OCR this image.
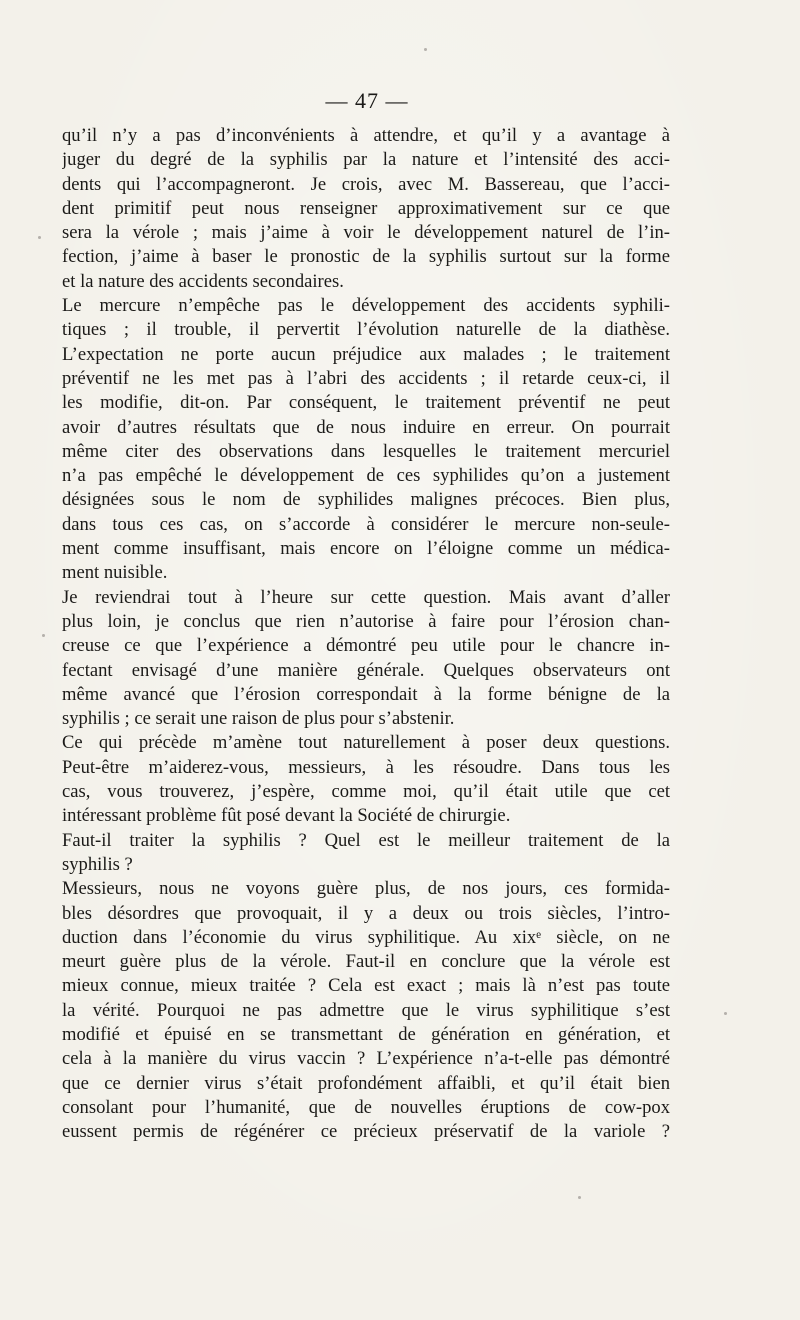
— 47 —
qu’il n’y a pas d’inconvénients à attendre, et qu’il y a avantage à
juger du degré de la syphilis par la nature et l’intensité des acci-
dents qui l’accompagneront. Je crois, avec M. Bassereau, que l’acci-
dent primitif peut nous renseigner approximativement sur ce que
sera la vérole ; mais j’aime à voir le développement naturel de l’in-
fection, j’aime à baser le pronostic de la syphilis surtout sur la forme
et la nature des accidents secondaires.
Le mercure n’empêche pas le développement des accidents syphili-
tiques ; il trouble, il pervertit l’évolution naturelle de la diathèse.
L’expectation ne porte aucun préjudice aux malades ; le traitement
préventif ne les met pas à l’abri des accidents ; il retarde ceux-ci, il
les modifie, dit-on. Par conséquent, le traitement préventif ne peut
avoir d’autres résultats que de nous induire en erreur. On pourrait
même citer des observations dans lesquelles le traitement mercuriel
n’a pas empêché le développement de ces syphilides qu’on a justement
désignées sous le nom de syphilides malignes précoces. Bien plus,
dans tous ces cas, on s’accorde à considérer le mercure non-seule-
ment comme insuffisant, mais encore on l’éloigne comme un médica-
ment nuisible.
Je reviendrai tout à l’heure sur cette question. Mais avant d’aller
plus loin, je conclus que rien n’autorise à faire pour l’érosion chan-
creuse ce que l’expérience a démontré peu utile pour le chancre in-
fectant envisagé d’une manière générale. Quelques observateurs ont
même avancé que l’érosion correspondait à la forme bénigne de la
syphilis ; ce serait une raison de plus pour s’abstenir.
Ce qui précède m’amène tout naturellement à poser deux questions.
Peut-être m’aiderez-vous, messieurs, à les résoudre. Dans tous les
cas, vous trouverez, j’espère, comme moi, qu’il était utile que cet
intéressant problème fût posé devant la Société de chirurgie.
Faut-il traiter la syphilis ? Quel est le meilleur traitement de la
syphilis ?
Messieurs, nous ne voyons guère plus, de nos jours, ces formida-
bles désordres que provoquait, il y a deux ou trois siècles, l’intro-
duction dans l’économie du virus syphilitique. Au xixᵉ siècle, on ne
meurt guère plus de la vérole. Faut-il en conclure que la vérole est
mieux connue, mieux traitée ? Cela est exact ; mais là n’est pas toute
la vérité. Pourquoi ne pas admettre que le virus syphilitique s’est
modifié et épuisé en se transmettant de génération en génération, et
cela à la manière du virus vaccin ? L’expérience n’a-t-elle pas démontré
que ce dernier virus s’était profondément affaibli, et qu’il était bien
consolant pour l’humanité, que de nouvelles éruptions de cow-pox
eussent permis de régénérer ce précieux préservatif de la variole ?
